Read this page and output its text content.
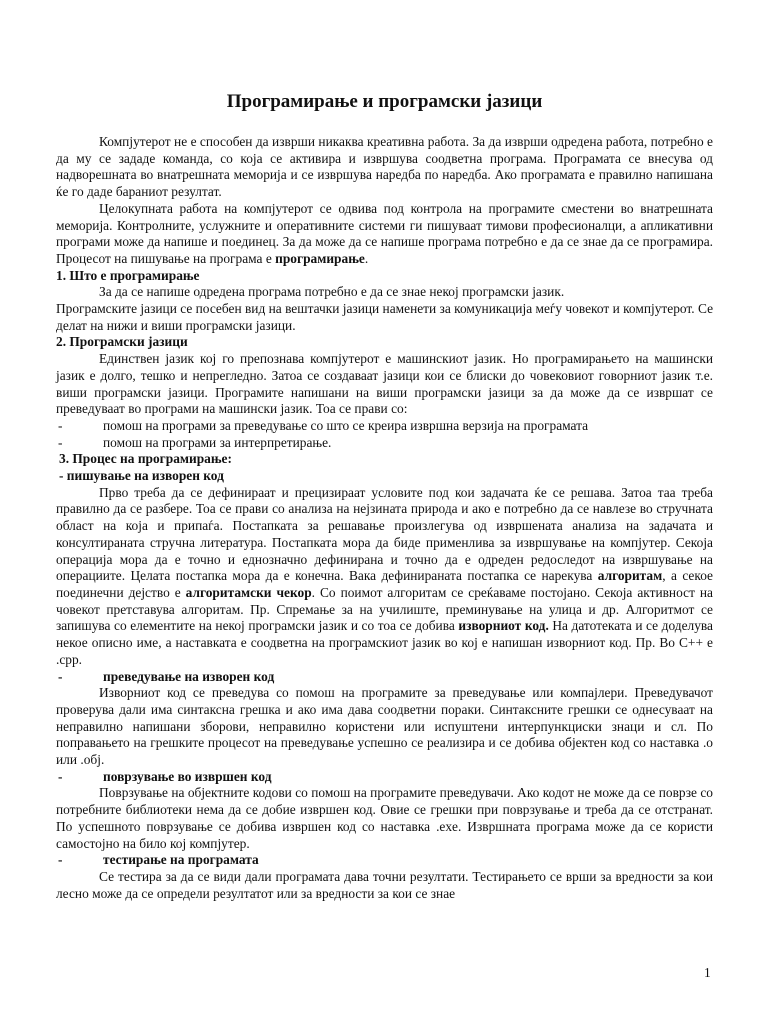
Програмирање и програмски јазици

Компјутерот не е способен да изврши никаква креативна работа. За да изврши одредена работа, потребно е да му се зададе команда, со која се активира и извршува соодветна програма. Програмата се внесува од надворешната во внатрешната меморија и се извршува наредба по наредба. Ако програмата е правилно напишана ќе го даде бараниот резултат.

Целокупната работа на компјутерот се одвива под контрола на програмите сместени во внатрешната меморија. Контролните, услужните и оперативните системи ги пишуваат тимови професионалци, а апликативни програми може да напише и поединец. За да може да се напише програма потребно е да се знае да се програмира. Процесот на пишување на програма е програмирање.

1. Што е програмирање

За да се напише одредена програма потребно е да се знае некој програмски јазик.

Програмските јазици се посебен вид на вештачки јазици наменети за комуникација меѓу човекот и компјутерот. Се делат на нижи и виши програмски јазици.

2. Програмски јазици

Единствен јазик кој го препознава компјутерот е машинскиот јазик. Но програмирањето на машински јазик е долго, тешко и непрегледно. Затоа се создаваат јазици кои се блиски до човековиот говорниот јазик т.е. виши програмски јазици. Програмите напишани на виши програмски јазици за да може да се извршат се преведуваат во програми на машински јазик. Тоа се прави со:

-	помош на програми за преведување со што се креира извршна верзија на програмата
-	помош на програми за интерпретирање.
3. Процес на програмирање:
- пишување на изворен код

Прво треба да се дефинираат и прецизираат условите под кои задачата ќе се решава. Затоа таа треба правилно да се разбере. Тоа се прави со анализа на нејзината природа и ако е потребно да се навлезе во стручната област на која и припаѓа. Постапката за решавање произлегува од извршената анализа на задачата и консултираната стручна литература. Постапката мора да биде применлива за извршување на компјутер. Секоја операција мора да е точно и еднозначно дефинирана и точно да е одреден редоследот на извршување на операциите. Целата постапка мора да е конечна. Вака дефинираната постапка се нарекува алгоритам, а секое поединечни дејство е алгоритамски чекор. Со поимот алгоритам се среќаваме постојано. Секоја активност на човекот претставува алгоритам. Пр. Спремање за на училиште, преминување на улица и др. Алгоритмот се запишува со елементите на некој програмски јазик и со тоа се добива изворниот код. На датотеката и се доделува некое описно име, а наставката е соодветна на програмскиот јазик во кој е напишан изворниот код. Пр. Во С++ е .cpp.

-	преведување на изворен код

Изворниот код се преведува со помош на програмите за преведување или компајлери. Преведувачот проверува дали има синтаксна грешка и ако има дава соодветни пораки. Синтаксните грешки се однесуваат на неправилно напишани зборови, неправилно користени или испуштени интерпункциски знаци и сл. По поправањето на грешките процесот на преведување успешно се реализира и се добива објектен код со наставка .о или .обј.

-	поврзување во извршен код

Поврзување на објектните кодови со помош на програмите преведувачи. Ако кодот не може да се поврзе со потребните библиотеки нема да се добие извршен код. Овие се грешки при поврзување и треба да се отстранат. По успешното поврзување се добива извршен код со наставка .exe. Извршната програма може да се користи самостојно на било кој компјутер.

-	тестирање на програмата

Се тестира за да се види дали програмата дава точни резултати. Тестирањето се врши за вредности за кои лесно може да се определи резултатот или за вредности за кои се знае

1
